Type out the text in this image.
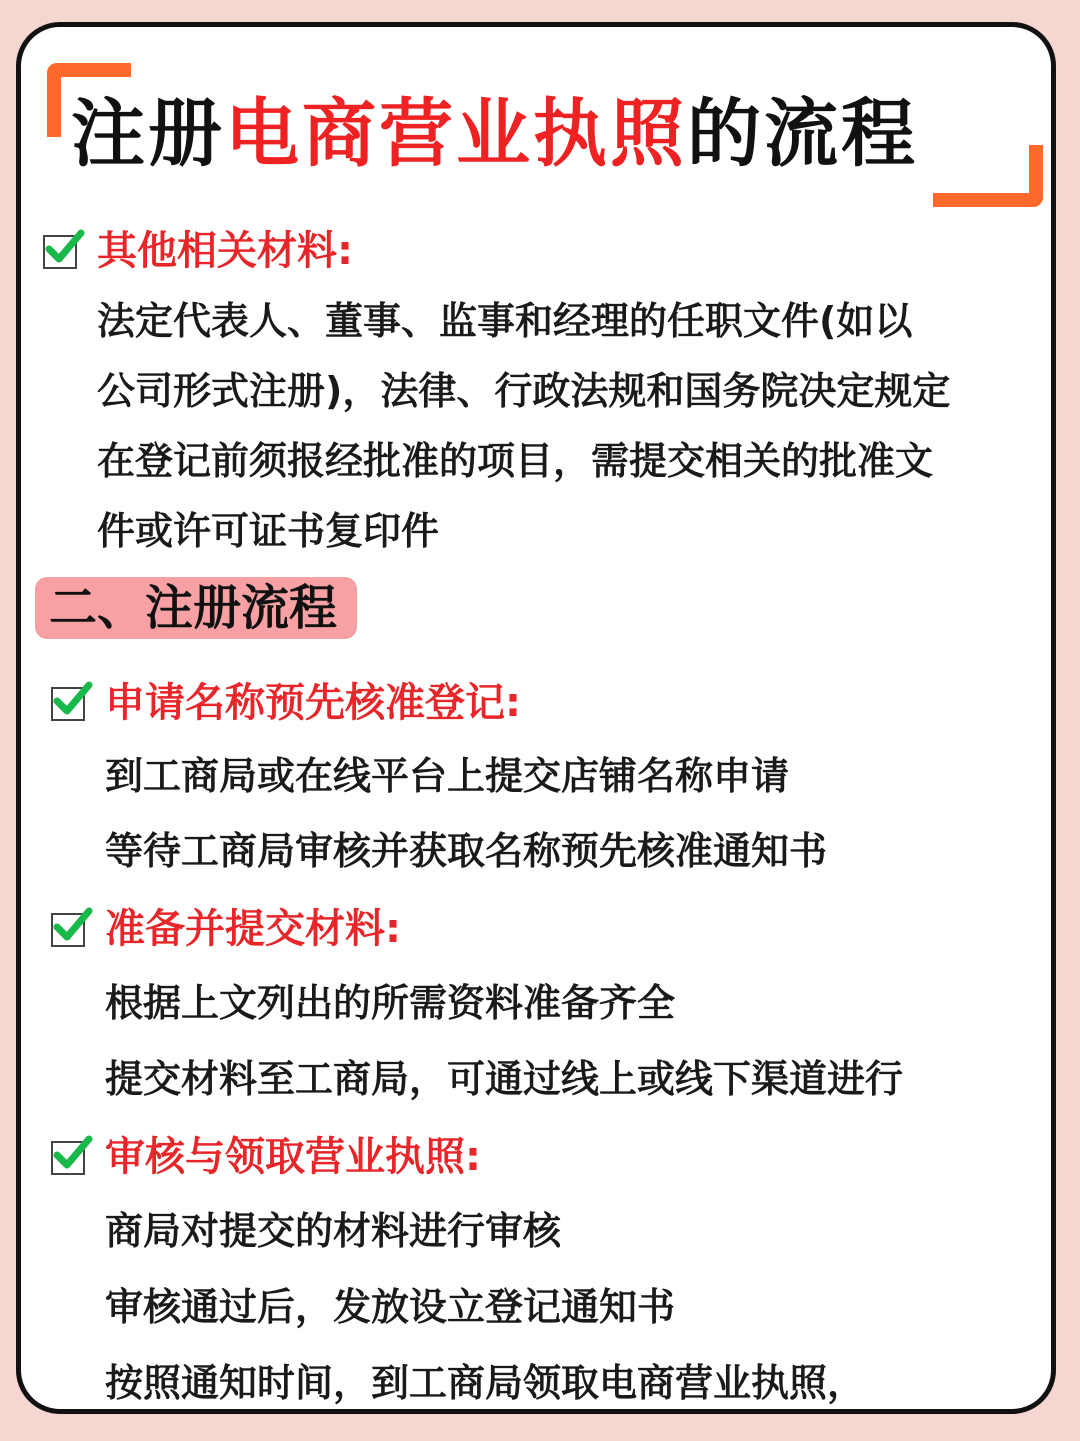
注册电商营业执照的流程

其他相关材料:

法定代表人、董事、监事和经理的任职文件(如以

公司形式注册)，法律、行政法规和国务院决定规定

在登记前须报经批准的项目，需提交相关的批准文

件或许可证书复印件

二、注册流程

申请名称预先核准登记:

到工商局或在线平台上提交店铺名称申请

等待工商局审核并获取名称预先核准通知书

准备并提交材料:

根据上文列出的所需资料准备齐全

提交材料至工商局，可通过线上或线下渠道进行

审核与领取营业执照:

商局对提交的材料进行审核

审核通过后，发放设立登记通知书

按照通知时间，到工商局领取电商营业执照，
